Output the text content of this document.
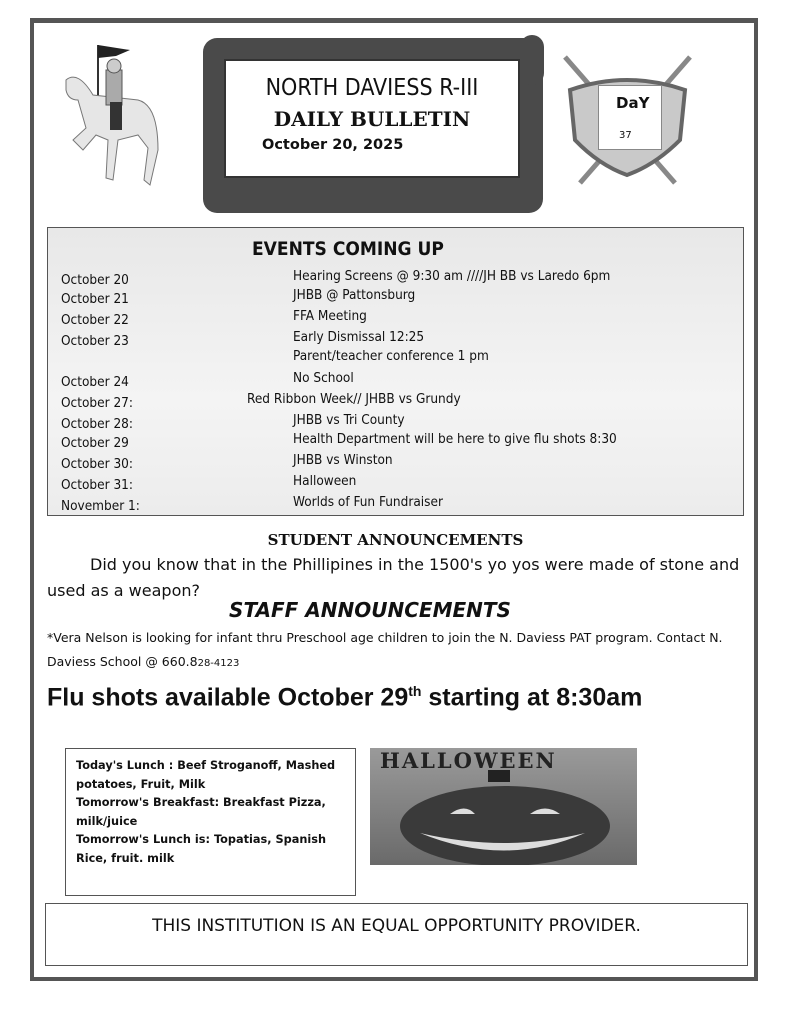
NORTH DAVIESS R-III
DAILY BULLETIN
October 20, 2025
DaY
37
EVENTS COMING UP
October 20	Hearing Screens @ 9:30 am ////JH BB vs Laredo 6pm
October 21	JHBB @ Pattonsburg
October 22	FFA Meeting
October 23	Early Dismissal 12:25
Parent/teacher conference 1 pm
October 24	No School
October 27:	Red Ribbon Week// JHBB vs Grundy
October 28:	JHBB vs Tri County
October 29	Health Department will be here to give flu shots 8:30
October 30:	JHBB vs Winston
October 31:	Halloween
November 1:	Worlds of Fun Fundraiser
STUDENT ANNOUNCEMENTS
Did you know that in the Phillipines in the 1500's yo yos were made of stone and used as a weapon?
STAFF ANNOUNCEMENTS
*Vera Nelson is looking for infant thru Preschool age children to join the N. Daviess PAT program. Contact N. Daviess School @ 660.828-4123
Flu shots available October 29th starting at 8:30am
Today's Lunch : Beef Stroganoff, Mashed potatoes, Fruit, Milk
Tomorrow's Breakfast: Breakfast Pizza, milk/juice
Tomorrow's Lunch is: Topatias, Spanish Rice, fruit. milk
HALLOWEEN
THIS INSTITUTION IS AN EQUAL OPPORTUNITY PROVIDER.
